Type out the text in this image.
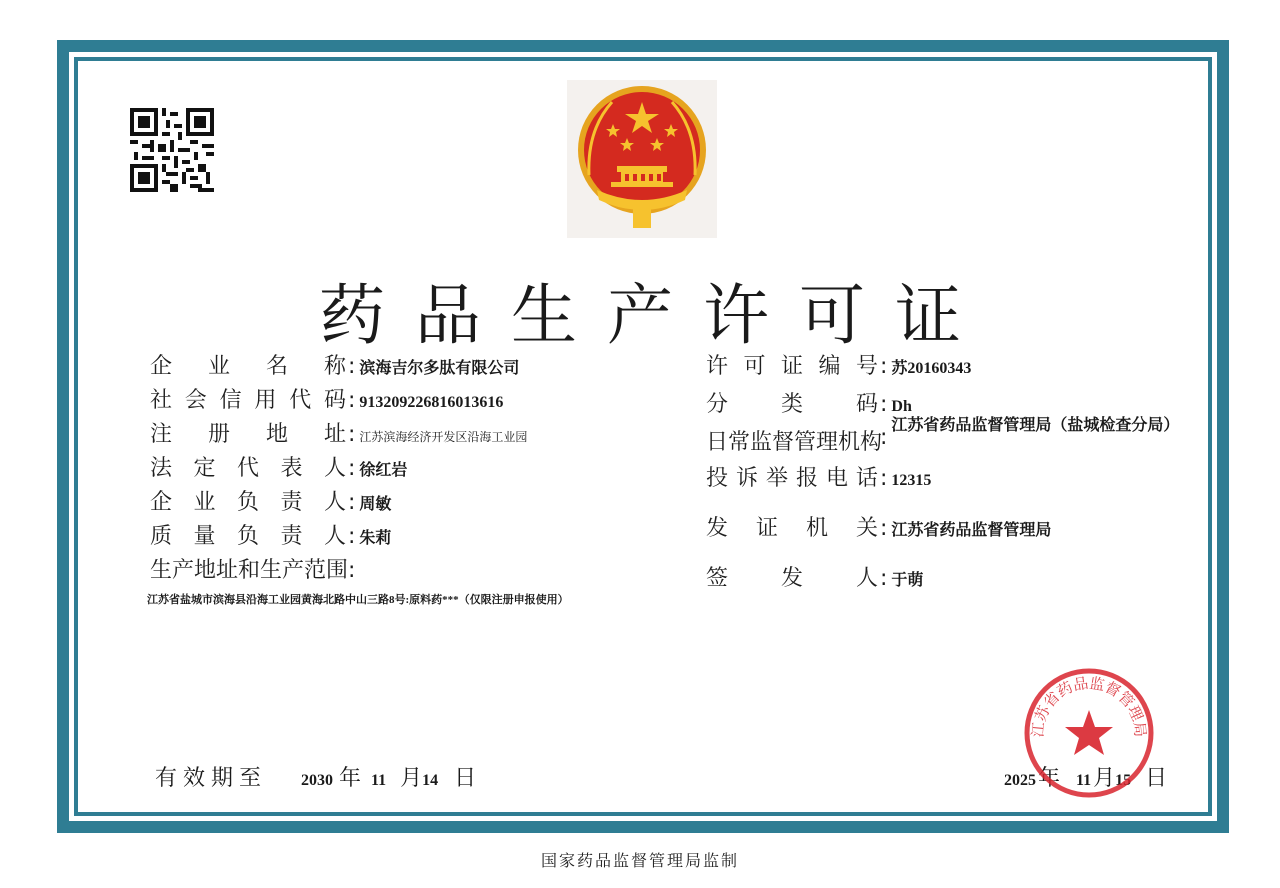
药品生产许可证
企 业 名 称 : 滨海吉尔多肽有限公司
社 会 信 用 代 码 : 913209226816013616
注 册 地 址 : 江苏滨海经济开发区沿海工业园
法 定 代 表 人 : 徐红岩
企 业 负 责 人 : 周敏
质 量 负 责 人 : 朱莉
生产地址和生产范围 :
江苏省盐城市滨海县沿海工业园黄海北路中山三路8号:原料药***（仅限注册申报使用）
许 可 证 编 号 : 苏20160343
分 类 码 : Dh
日常监督管理机构
: 江苏省药品监督管理局（盐城检查分局）
投 诉 举 报 电 话 : 12315
发 证 机 关 : 江苏省药品监督管理局
签 发 人 : 于萌
有效期至 2030 年 11 月 14 日	2025 年 11 月 15 日
江苏省药品监督管理局
国家药品监督管理局监制
